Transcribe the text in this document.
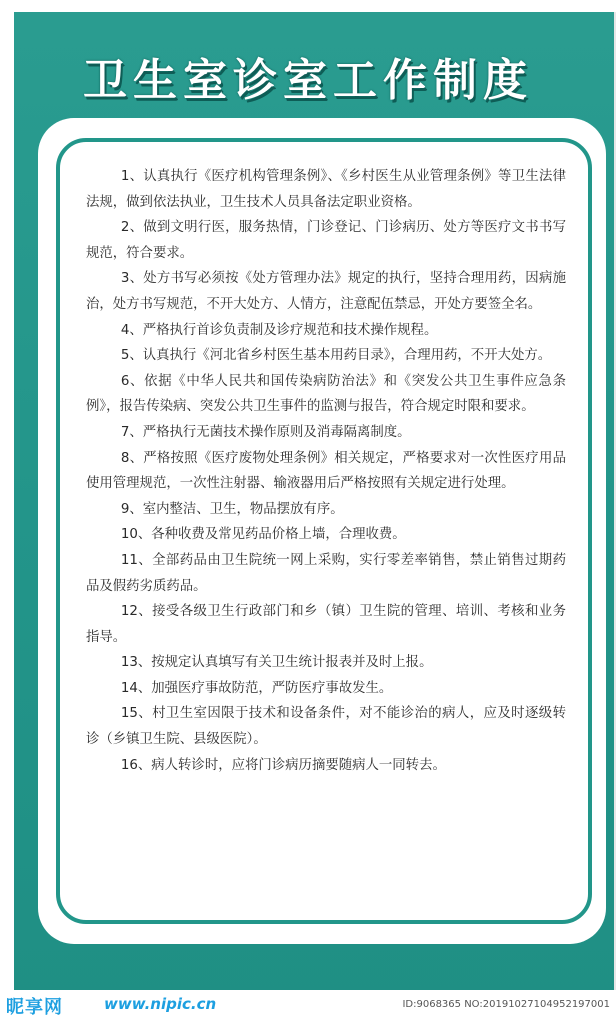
卫生室诊室工作制度
1、认真执行《医疗机构管理条例》、《乡村医生从业管理条例》等卫生法律法规，做到依法执业，卫生技术人员具备法定职业资格。
2、做到文明行医，服务热情，门诊登记、门诊病历、处方等医疗文书书写规范，符合要求。
3、处方书写必须按《处方管理办法》规定的执行，坚持合理用药，因病施治，处方书写规范，不开大处方、人情方，注意配伍禁忌，开处方要签全名。
4、严格执行首诊负责制及诊疗规范和技术操作规程。
5、认真执行《河北省乡村医生基本用药目录》，合理用药，不开大处方。
6、依据《中华人民共和国传染病防治法》和《突发公共卫生事件应急条例》，报告传染病、突发公共卫生事件的监测与报告，符合规定时限和要求。
7、严格执行无菌技术操作原则及消毒隔离制度。
8、严格按照《医疗废物处理条例》相关规定，严格要求对一次性医疗用品使用管理规范，一次性注射器、输液器用后严格按照有关规定进行处理。
9、室内整洁、卫生，物品摆放有序。
10、各种收费及常见药品价格上墙，合理收费。
11、全部药品由卫生院统一网上采购，实行零差率销售，禁止销售过期药品及假药劣质药品。
12、接受各级卫生行政部门和乡（镇）卫生院的管理、培训、考核和业务指导。
13、按规定认真填写有关卫生统计报表并及时上报。
14、加强医疗事故防范，严防医疗事故发生。
15、村卫生室因限于技术和设备条件，对不能诊治的病人，应及时逐级转诊（乡镇卫生院、县级医院）。
16、病人转诊时，应将门诊病历摘要随病人一同转去。
昵享网	www.nipic.cn	ID:9068365 NO:20191027104952197001
